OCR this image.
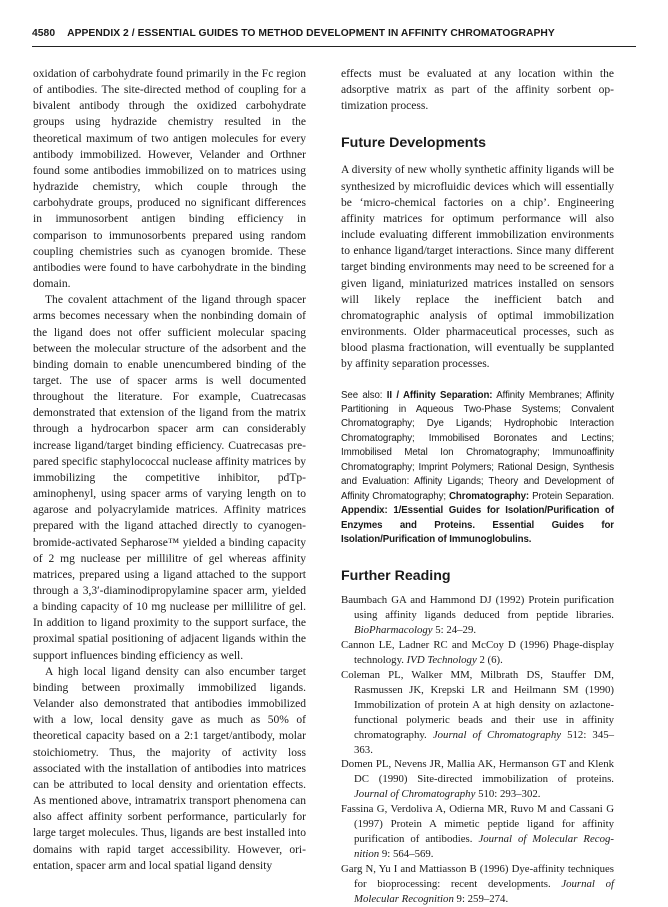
4580 APPENDIX 2 / ESSENTIAL GUIDES TO METHOD DEVELOPMENT IN AFFINITY CHROMATOGRAPHY

oxidation of carbohydrate found primarily in the Fc region of antibodies. The site-directed method of coupling for a bivalent antibody through the oxidized carbohydrate groups using hydrazide chemistry resulted in the theoretical maximum of two antigen molecules for every antibody immobilized. However, Velander and Orthner found some antibodies immobilized on to matrices using hydrazide chemistry, which couple through the carbohydrate groups, produced no significant differences in immunosorbent antigen binding efficiency in comparison to immunosorbents prepared using random coupling chemistries such as cyanogen bromide. These antibodies were found to have carbohydrate in the binding domain.

The covalent attachment of the ligand through spacer arms becomes necessary when the nonbinding domain of the ligand does not offer sufficient molecular spacing between the molecular structure of the adsorbent and the binding domain to enable unencumbered binding of the target. The use of spacer arms is well documented throughout the literature. For example, Cuatrecasas demonstrated that extension of the ligand from the matrix through a hydrocarbon spacer arm can considerably increase ligand/target binding efficiency. Cuatrecasas prepared specific staphylococcal nuclease affinity matrices by immobilizing the competitive inhibitor, pdTp-aminophenyl, using spacer arms of varying length on to agarose and polyacrylamide matrices. Affinity matrices prepared with the ligand attached directly to cyanogen-bromide-activated Sepharose™ yielded a binding capacity of 2 mg nuclease per millilitre of gel whereas affinity matrices, prepared using a ligand attached to the support through a 3,3′-diaminodipropylamine spacer arm, yielded a binding capacity of 10 mg nuclease per millilitre of gel. In addition to ligand proximity to the support surface, the proximal spatial positioning of adjacent ligands within the support influences binding efficiency as well.

A high local ligand density can also encumber target binding between proximally immobilized ligands. Velander also demonstrated that antibodies immobilized with a low, local density gave as much as 50% of theoretical capacity based on a 2:1 target/antibody, molar stoichiometry. Thus, the majority of activity loss associated with the installation of antibodies into matrices can be attributed to local density and orientation effects. As mentioned above, intramatrix transport phenomena can also affect affinity sorbent performance, particularly for large target molecules. Thus, ligands are best installed into domains with rapid target accessibility. However, orientation, spacer arm and local spatial ligand density

effects must be evaluated at any location within the adsorptive matrix as part of the affinity sorbent optimization process.

Future Developments

A diversity of new wholly synthetic affinity ligands will be synthesized by microfluidic devices which will essentially be ‘micro-chemical factories on a chip’. Engineering affinity matrices for optimum performance will also include evaluating different immobilization environments to enhance ligand/target interactions. Since many different target binding environments may need to be screened for a given ligand, miniaturized matrices installed on sensors will likely replace the inefficient batch and chromatographic analysis of optimal immobilization environments. Older pharmaceutical processes, such as blood plasma fractionation, will eventually be supplanted by affinity separation processes.

See also: II / Affinity Separation: Affinity Membranes; Affinity Partitioning in Aqueous Two-Phase Systems; Convalent Chromatography; Dye Ligands; Hydrophobic Interaction Chromatography; Immobilised Boronates and Lectins; Immobilised Metal Ion Chromatography; Immunoaffinity Chromatography; Imprint Polymers; Rational Design, Synthesis and Evaluation: Affinity Ligands; Theory and Development of Affinity Chromatography; Chromatography: Protein Separation. Appendix: 1/Essential Guides for Isolation/Purification of Enzymes and Proteins. Essential Guides for Isolation/Purification of Immunoglobulins.
Further Reading

Baumbach GA and Hammond DJ (1992) Protein purification using affinity ligands deduced from peptide libraries. BioPharmacology 5: 24–29.

Cannon LE, Ladner RC and McCoy D (1996) Phage-display technology. IVD Technology 2 (6).

Coleman PL, Walker MM, Milbrath DS, Stauffer DM, Rasmussen JK, Krepski LR and Heilmann SM (1990) Immobilization of protein A at high density on azlactone-functional polymeric beads and their use in affinity chromatography. Journal of Chromatography 512: 345–363.

Domen PL, Nevens JR, Mallia AK, Hermanson GT and Klenk DC (1990) Site-directed immobilization of proteins. Journal of Chromatography 510: 293–302.

Fassina G, Verdoliva A, Odierna MR, Ruvo M and Cassani G (1997) Protein A mimetic peptide ligand for affinity purification of antibodies. Journal of Molecular Recognition 9: 564–569.

Garg N, Yu I and Mattiasson B (1996) Dye-affinity techniques for bioprocessing: recent developments. Journal of Molecular Recognition 9: 259–274.
